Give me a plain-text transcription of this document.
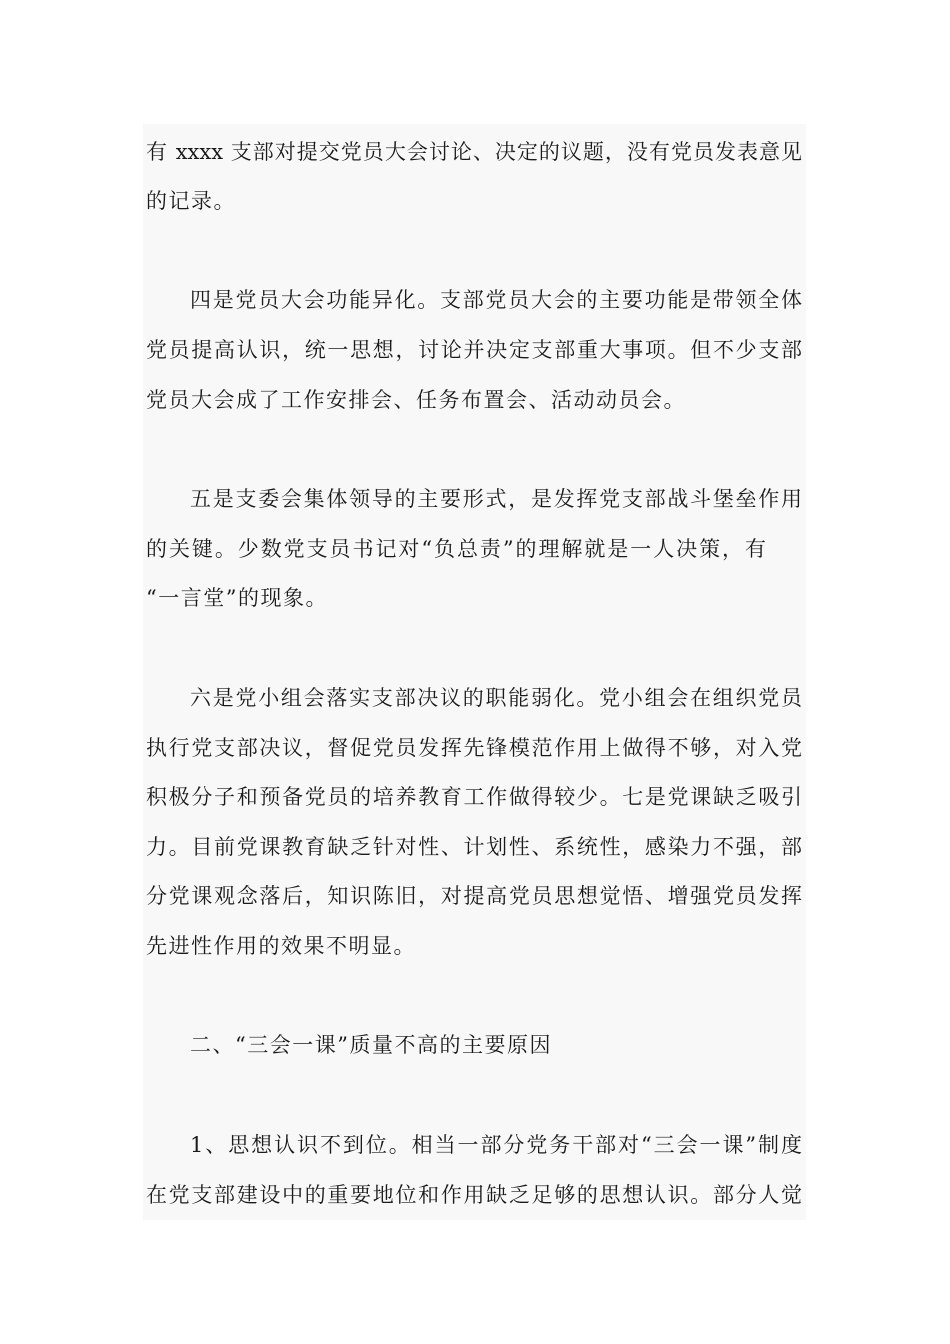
有 xxxx 支部对提交党员大会讨论、决定的议题，没有党员发表意见
的记录。
四是党员大会功能异化。支部党员大会的主要功能是带领全体
党员提高认识，统一思想，讨论并决定支部重大事项。但不少支部
党员大会成了工作安排会、任务布置会、活动动员会。
五是支委会集体领导的主要形式，是发挥党支部战斗堡垒作用
的关键。少数党支员书记对“负总责”的理解就是一人决策，有
“一言堂”的现象。
六是党小组会落实支部决议的职能弱化。党小组会在组织党员
执行党支部决议，督促党员发挥先锋模范作用上做得不够，对入党
积极分子和预备党员的培养教育工作做得较少。七是党课缺乏吸引
力。目前党课教育缺乏针对性、计划性、系统性，感染力不强，部
分党课观念落后，知识陈旧，对提高党员思想觉悟、增强党员发挥
先进性作用的效果不明显。
二、“三会一课”质量不高的主要原因
1、思想认识不到位。相当一部分党务干部对“三会一课”制度
在党支部建设中的重要地位和作用缺乏足够的思想认识。部分人觉
